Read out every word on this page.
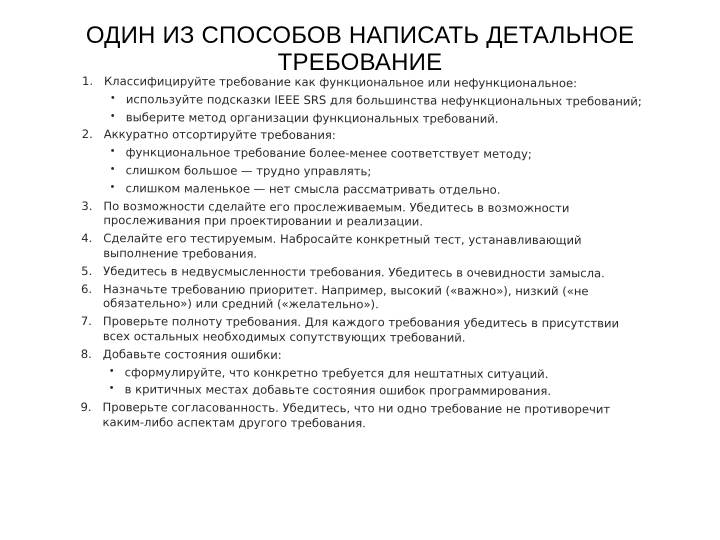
ОДИН ИЗ СПОСОБОВ НАПИСАТЬ ДЕТАЛЬНОЕ
ТРЕБОВАНИЕ
1. Классифицируйте требование как функциональное или нефункциональное:
• используйте подсказки IEEE SRS для большинства нефункциональных требований;
• выберите метод организации функциональных требований.
2. Аккуратно отсортируйте требования:
• функциональное требование более-менее соответствует методу;
• слишком большое — трудно управлять;
• слишком маленькое — нет смысла рассматривать отдельно.
3. По возможности сделайте его прослеживаемым. Убедитесь в возможности прослеживания при проектировании и реализации.
4. Сделайте его тестируемым. Набросайте конкретный тест, устанавливающий выполнение требования.
5. Убедитесь в недвусмысленности требования. Убедитесь в очевидности замысла.
6. Назначьте требованию приоритет. Например, высокий («важно»), низкий («не обязательно») или средний («желательно»).
7. Проверьте полноту требования. Для каждого требования убедитесь в присутствии всех остальных необходимых сопутствующих требований.
8. Добавьте состояния ошибки:
• сформулируйте, что конкретно требуется для нештатных ситуаций.
• в критичных местах добавьте состояния ошибок программирования.
9. Проверьте согласованность. Убедитесь, что ни одно требование не противоречит каким-либо аспектам другого требования.
